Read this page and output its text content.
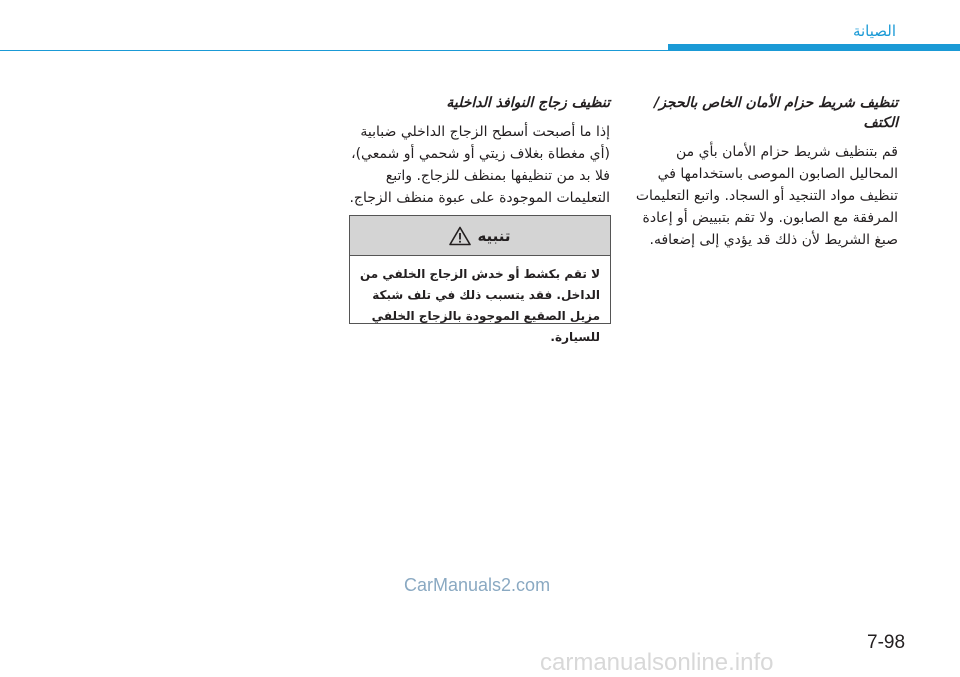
الصيانة

تنظيف شريط حزام الأمان الخاص بالحجز/ الكتف

قم بتنظيف شريط حزام الأمان بأي من المحاليل الصابون الموصى باستخدامها في تنظيف مواد التنجيد أو السجاد. واتبع التعليمات المرفقة مع الصابون. ولا تقم بتبييض أو إعادة صبغ الشريط لأن ذلك قد يؤدي إلى إضعافه.

تنظيف زجاج النوافذ الداخلية

إذا ما أصبحت أسطح الزجاج الداخلي ضبابية (أي مغطاة بغلاف زيتي أو شحمي أو شمعي)، فلا بد من تنظيفها بمنظف للزجاج. واتبع التعليمات الموجودة على عبوة منظف الزجاج.

تنبيه
لا تقم بكشط أو خدش الزجاج الخلفي من الداخل. فقد يتسبب ذلك في تلف شبكة مزيل الصقيع الموجودة بالزجاج الخلفي للسيارة.
CarManuals2.com
7-98
carmanualsonline.info
